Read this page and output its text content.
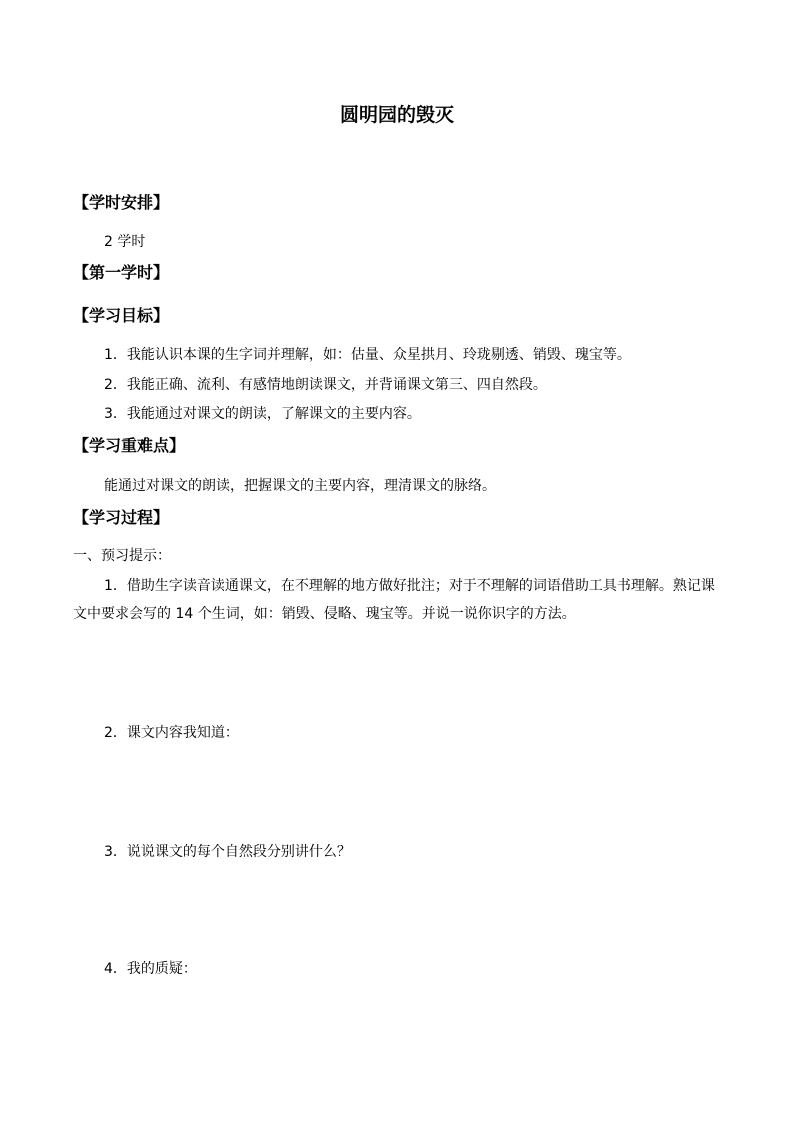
圆明园的毁灭
【学时安排】
2 学时
【第一学时】
【学习目标】
1．我能认识本课的生字词并理解，如：估量、众星拱月、玲珑剔透、销毁、瑰宝等。
2．我能正确、流利、有感情地朗读课文，并背诵课文第三、四自然段。
3．我能通过对课文的朗读，了解课文的主要内容。
【学习重难点】
能通过对课文的朗读，把握课文的主要内容，理清课文的脉络。
【学习过程】
一、预习提示：
1．借助生字读音读通课文，在不理解的地方做好批注；对于不理解的词语借助工具书理解。熟记课文中要求会写的 14 个生词，如：销毁、侵略、瑰宝等。并说一说你识字的方法。
2．课文内容我知道：
3．说说课文的每个自然段分别讲什么？
4．我的质疑：
